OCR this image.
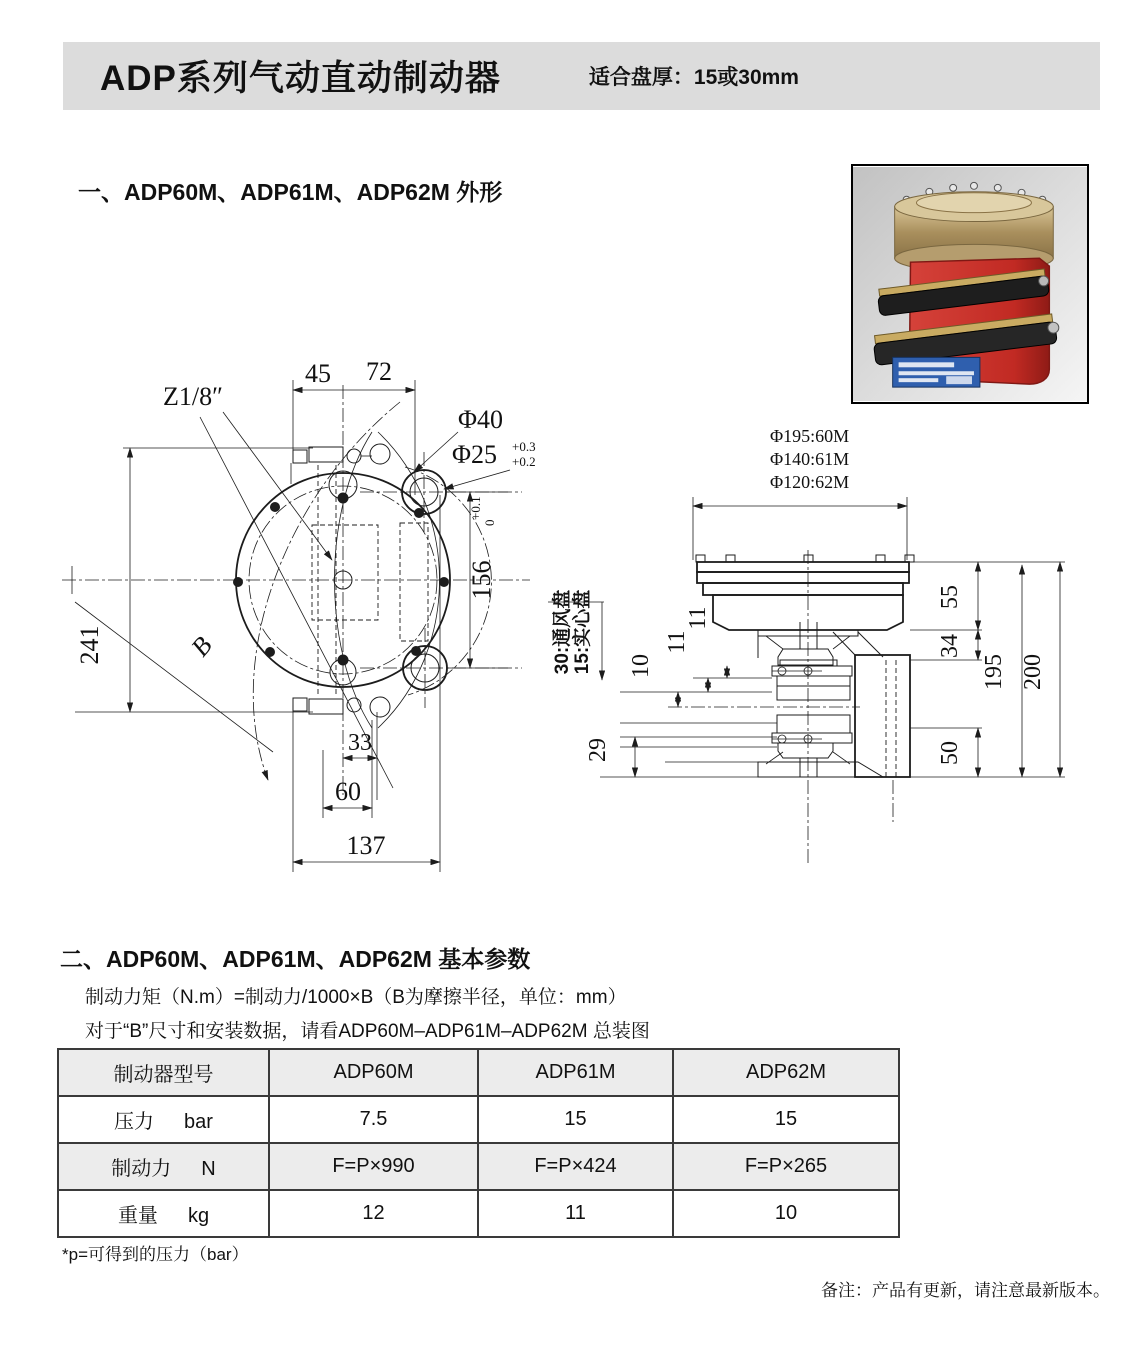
ADP系列气动直动制动器	适合盘厚：15或30mm
一、ADP60M、ADP61M、ADP62M 外形
B
45 72
Z1/8″
Φ40
Φ25 +0.3
+0.2
156
+0.1
0
241
33
60
137
Φ195:60M
Φ140:61M
Φ120:62M
55
34
50
195 200
11
11
10
29
30:通风盘 15:实心盘
二、ADP60M、ADP61M、ADP62M 基本参数
制动力矩（N.m）=制动力/1000×B（B为摩擦半径，单位：mm）
对于“B”尺寸和安装数据，请看ADP60M–ADP61M–ADP62M 总装图
制动器型号	ADP60M	ADP61M	ADP62M
压力 bar	7.5	15	15
制动力 N	F=P×990	F=P×424	F=P×265
重量 kg	12	11	10
*p=可得到的压力（bar）
备注：产品有更新，请注意最新版本。
